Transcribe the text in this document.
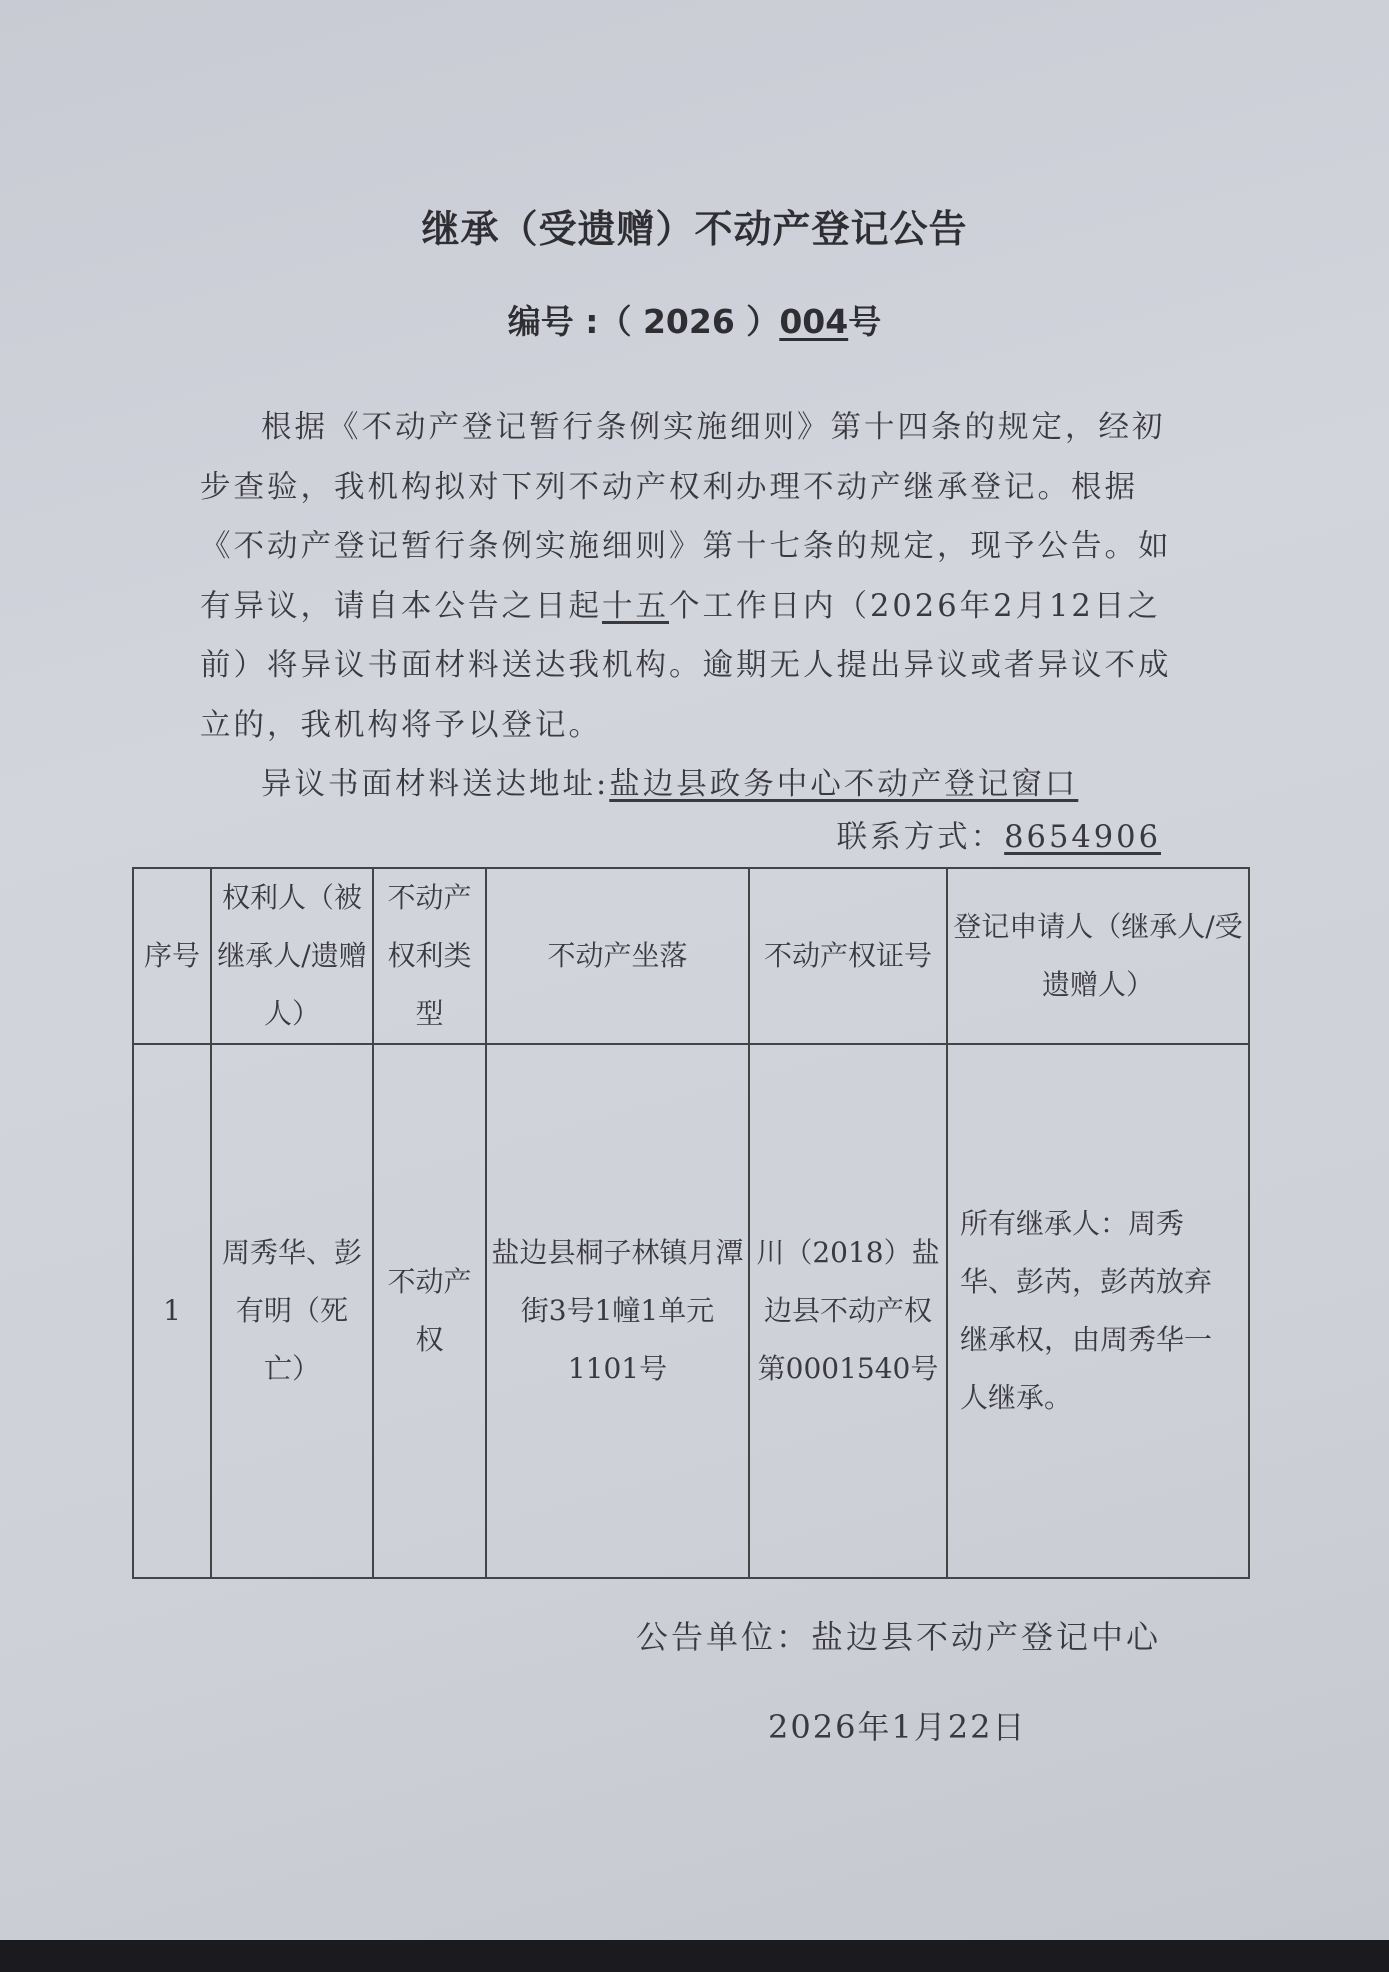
继承（受遗赠）不动产登记公告
编号 :（ 2026 ）004号

根据《不动产登记暂行条例实施细则》第十四条的规定，经初步查验，我机构拟对下列不动产权利办理不动产继承登记。根据《不动产登记暂行条例实施细则》第十七条的规定，现予公告。如有异议，请自本公告之日起十五个工作日内（2026年2月12日之前）将异议书面材料送达我机构。逾期无人提出异议或者异议不成立的，我机构将予以登记。

异议书面材料送达地址:盐边县政务中心不动产登记窗口

联系方式：8654906
序号	权利人（被继承人/遗赠人）	不动产权利类型	不动产坐落	不动产权证号	登记申请人（继承人/受遗赠人）
1	周秀华、彭有明（死亡）	不动产权	盐边县桐子林镇月潭街3号1幢1单元1101号	川（2018）盐边县不动产权第0001540号	所有继承人：周秀华、彭芮，彭芮放弃继承权，由周秀华一人继承。
公告单位：盐边县不动产登记中心
2026年1月22日
